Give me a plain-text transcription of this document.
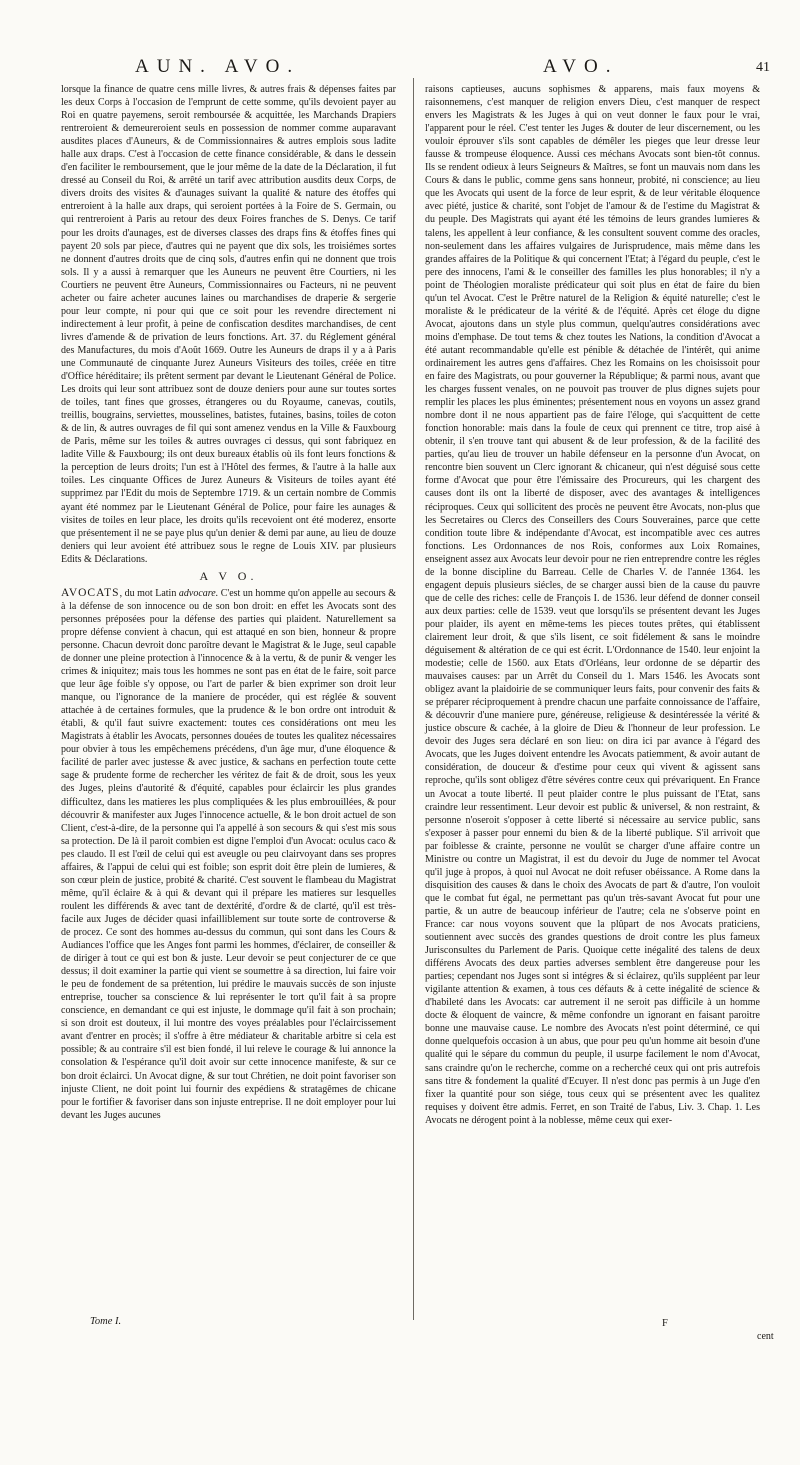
AUN. AVO.	AVO.	41

lorsque la finance de quatre cens mille livres, & autres frais & dépenses faites par les deux Corps à l'occasion de l'emprunt de cette somme, qu'ils devoient payer au Roi en quatre payemens, seroit remboursée & acquittée, les Marchands Drapiers rentreroient & demeureroient seuls en possession de nommer comme auparavant ausdites places d'Auneurs, & de Commissionnaires & autres emplois sous ladite halle aux draps. C'est à l'occasion de cette finance considérable, & dans le dessein d'en faciliter le remboursement, que le jour même de la date de la Déclaration, il fut dressé au Conseil du Roi, & arrêté un tarif avec attribution ausdits deux Corps, de divers droits des visites & d'aunages suivant la qualité & nature des étoffes qui entreroient à la halle aux draps, qui seroient portées à la Foire de S. Germain, ou qui rentreroient à Paris au retour des deux Foires franches de S. Denys. Ce tarif pour les droits d'aunages, est de diverses classes des draps fins & étoffes fines qui payent 20 sols par piece, d'autres qui ne payent que dix sols, les troisiémes sortes ne donnent d'autres droits que de cinq sols, d'autres enfin qui ne donnent que trois sols. Il y a aussi à remarquer que les Auneurs ne peuvent être Courtiers, ni les Courtiers ne peuvent être Auneurs, Commissionnaires ou Facteurs, ni ne peuvent acheter ou faire acheter aucunes laines ou marchandises de draperie & sergerie pour leur compte, ni pour qui que ce soit pour les revendre directement ni indirectement à leur profit, à peine de confiscation desdites marchandises, de cent livres d'amende & de privation de leurs fonctions. Art. 37. du Réglement général des Manufactures, du mois d'Août 1669. Outre les Auneurs de draps il y a à Paris une Communauté de cinquante Jurez Auneurs Visiteurs des toiles, créée en titre d'Office héréditaire; ils prêtent serment par devant le Lieutenant Général de Police. Les droits qui leur sont attribuez sont de douze deniers pour aune sur toutes sortes de toiles, tant fines que grosses, étrangeres ou du Royaume, canevas, coutils, treillis, bougrains, serviettes, mousselines, batistes, futaines, basins, toiles de coton & de lin, & autres ouvrages de fil qui sont amenez vendus en la Ville & Fauxbourg de Paris, même sur les toiles & autres ouvrages ci dessus, qui sont fabriquez en ladite Ville & Fauxbourg; ils ont deux bureaux établis où ils font leurs fonctions & la perception de leurs droits; l'un est à l'Hôtel des fermes, & l'autre à la halle aux toiles. Les cinquante Offices de Jurez Auneurs & Visiteurs de toiles ayant été supprimez par l'Edit du mois de Septembre 1719. & un certain nombre de Commis ayant été nommez par le Lieutenant Général de Police, pour faire les aunages & visites de toiles en leur place, les droits qu'ils recevoient ont été moderez, ensorte que présentement il ne se paye plus qu'un denier & demi par aune, au lieu de douze deniers qui leur avoient été attribuez sous le regne de Louis XIV. par plusieurs Edits & Déclarations.

A V O.

AVOCATS, du mot Latin advocare. C'est un homme qu'on appelle au secours & à la défense de son innocence ou de son bon droit: en effet les Avocats sont des personnes préposées pour la défense des parties qui plaident. Naturellement sa propre défense convient à chacun, qui est attaqué en son bien, honneur & propre personne. Chacun devroit donc paroître devant le Magistrat & le Juge, seul capable de donner une pleine protection à l'innocence & à la vertu, & de punir & venger les crimes & iniquitez; mais tous les hommes ne sont pas en état de le faire, soit parce que leur âge foible s'y oppose, ou l'art de parler & bien exprimer son droit leur manque, ou l'ignorance de la maniere de procéder, qui est réglée & souvent attachée à de certaines formules, que la prudence & le bon ordre ont introduit & établi, & qu'il faut suivre exactement: toutes ces considérations ont meu les Magistrats à établir les Avocats, personnes douées de toutes les qualitez nécessaires pour obvier à tous les empêchemens précédens, d'un âge mur, d'une éloquence & facilité de parler avec justesse & avec justice, & sachans en perfection toute cette sage & prudente forme de rechercher les véritez de fait & de droit, sous les yeux des Juges, pleins d'autorité & d'équité, capables pour éclaircir les plus grandes difficultez, dans les matieres les plus compliquées & les plus embrouillées, & pour découvrir & manifester aux Juges l'innocence actuelle, & le bon droit actuel de son Client, c'est-à-dire, de la personne qui l'a appellé à son secours & qui s'est mis sous sa protection. De là il paroit combien est digne l'emploi d'un Avocat: oculus caco & pes claudo. Il est l'œil de celui qui est aveugle ou peu clairvoyant dans ses propres affaires, & l'appui de celui qui est foible; son esprit doit être plein de lumieres, & son cœur plein de justice, probité & charité. C'est souvent le flambeau du Magistrat même, qu'il éclaire & à qui & devant qui il prépare les matieres sur lesquelles roulent les différends & avec tant de dextérité, d'ordre & de clarté, qu'il est très-facile aux Juges de décider quasi infailliblement sur toute sorte de controverse & de procez. Ce sont des hommes au-dessus du commun, qui sont dans les Cours & Audiances l'office que les Anges font parmi les hommes, d'éclairer, de conseiller & de diriger à tout ce qui est bon & juste. Leur devoir se peut conjecturer de ce que dessus; il doit examiner la partie qui vient se soumettre à sa direction, lui faire voir le peu de fondement de sa prétention, lui prédire le mauvais succès de son injuste entreprise, toucher sa conscience & lui représenter le tort qu'il fait à sa propre conscience, en demandant ce qui est injuste, le dommage qu'il fait à son prochain; si son droit est douteux, il lui montre des voyes préalables pour l'éclaircissement avant d'entrer en procès; il s'offre à être médiateur & charitable arbitre si cela est possible; & au contraire s'il est bien fondé, il lui releve le courage & lui annonce la consolation & l'espérance qu'il doit avoir sur cette innocence manifeste, & sur ce bon droit éclairci. Un Avocat digne, & sur tout Chrétien, ne doit point favoriser son injuste Client, ne doit point lui fournir des expédiens & stratagêmes de chicane pour le fortifier & favoriser dans son injuste entreprise. Il ne doit employer pour lui devant les Juges aucunes

raisons captieuses, aucuns sophismes & apparens, mais faux moyens & raisonnemens, c'est manquer de religion envers Dieu, c'est manquer de respect envers les Magistrats & les Juges à qui on veut donner le faux pour le vrai, l'apparent pour le réel. C'est tenter les Juges & douter de leur discernement, ou les vouloir éprouver s'ils sont capables de démêler les pieges que leur dresse leur fausse & trompeuse éloquence. Aussi ces méchans Avocats sont bien-tôt connus. Ils se rendent odieux à leurs Seigneurs & Maîtres, se font un mauvais nom dans les Cours & dans le public, comme gens sans honneur, probité, ni conscience; au lieu que les Avocats qui usent de la force de leur esprit, & de leur véritable éloquence avec piété, justice & charité, sont l'objet de l'amour & de l'estime du Magistrat & du peuple. Des Magistrats qui ayant été les témoins de leurs grandes lumieres & talens, les appellent à leur confiance, & les consultent souvent comme des oracles, non-seulement dans les affaires vulgaires de Jurisprudence, mais même dans les grandes affaires de la Politique & qui concernent l'Etat; à l'égard du peuple, c'est le pere des innocens, l'ami & le conseiller des familles les plus honorables; il n'y a point de Théologien moraliste prédicateur qui soit plus en état de faire du bien qu'un tel Avocat. C'est le Prêtre naturel de la Religion & équité naturelle; c'est le moraliste & le prédicateur de la vérité & de l'équité. Après cet éloge du digne Avocat, ajoutons dans un style plus commun, quelqu'autres considérations avec moins d'emphase. De tout tems & chez toutes les Nations, la condition d'Avocat a été autant recommandable qu'elle est pénible & détachée de l'intérêt, qui anime ordinairement les autres gens d'affaires. Chez les Romains on les choisissoit pour en faire des Magistrats, ou pour gouverner la République; & parmi nous, avant que les charges fussent venales, on ne pouvoit pas trouver de plus dignes sujets pour remplir les places les plus éminentes; présentement nous en voyons un assez grand nombre dont il ne nous appartient pas de faire l'éloge, qui s'acquittent de cette fonction honorable: mais dans la foule de ceux qui prennent ce titre, trop aisé à obtenir, il s'en trouve tant qui abusent & de leur profession, & de la facilité des parties, qu'au lieu de trouver un habile défenseur en la personne d'un Avocat, on rencontre bien souvent un Clerc ignorant & chicaneur, qui n'est déguisé sous cette forme d'Avocat que pour être l'émissaire des Procureurs, qui les chargent des causes dont ils ont la liberté de disposer, avec des avantages & intelligences réciproques. Ceux qui sollicitent des procès ne peuvent être Avocats, non-plus que les Secretaires ou Clercs des Conseillers des Cours Souveraines, parce que cette condition toute libre & indépendante d'Avocat, est incompatible avec ces autres fonctions. Les Ordonnances de nos Rois, conformes aux Loix Romaines, enseignent assez aux Avocats leur devoir pour ne rien entreprendre contre les régles de la bonne discipline du Barreau. Celle de Charles V. de l'année 1364. les engagent depuis plusieurs siécles, de se charger aussi bien de la cause du pauvre que de celle des riches: celle de François I. de 1536. leur défend de donner conseil aux deux parties: celle de 1539. veut que lorsqu'ils se présentent devant les Juges pour plaider, ils ayent en même-tems les pieces toutes prêtes, qui établissent clairement leur droit, & que s'ils lisent, ce soit fidélement & sans le moindre déguisement & altération de ce qui est écrit. L'Ordonnance de 1540. leur enjoint la modestie; celle de 1560. aux Etats d'Orléans, leur ordonne de se départir des mauvaises causes: par un Arrêt du Conseil du 1. Mars 1546. les Avocats sont obligez avant la plaidoirie de se communiquer leurs faits, pour convenir des faits & se préparer réciproquement à prendre chacun une parfaite connoissance de l'affaire, & découvrir d'une maniere pure, généreuse, religieuse & desintéressée la vérité & justice obscure & cachée, à la gloire de Dieu & l'honneur de leur profession. Le devoir des Juges sera déclaré en son lieu: on dira ici par avance à l'égard des Avocats, que les Juges doivent entendre les Avocats patiemment, & avoir autant de considération, de douceur & d'estime pour ceux qui vivent & agissent sans reproche, qu'ils sont obligez d'être sévéres contre ceux qui prévariquent. En France un Avocat a toute liberté. Il peut plaider contre le plus puissant de l'Etat, sans craindre leur ressentiment. Leur devoir est public & universel, & non restraint, & personne n'oseroit s'opposer à cette liberté si nécessaire au service public, sans s'exposer à passer pour ennemi du bien & de la liberté publique. S'il arrivoit que par foiblesse & crainte, personne ne voulût se charger d'une affaire contre un Ministre ou contre un Magistrat, il est du devoir du Juge de nommer tel Avocat qu'il juge à propos, à quoi nul Avocat ne doit refuser obéissance. A Rome dans la disquisition des causes & dans le choix des Avocats de part & d'autre, l'on vouloit que le combat fut égal, ne permettant pas qu'un très-savant Avocat fut pour une partie, & un autre de beaucoup inférieur de l'autre; cela ne s'observe point en France: car nous voyons souvent que la plûpart de nos Avocats praticiens, soutiennent avec succès des grandes questions de droit contre les plus fameux Jurisconsultes du Parlement de Paris. Quoique cette inégalité des talens de deux différens Avocats des deux parties adverses semblent être dangereuse pour les parties; cependant nos Juges sont si intégres & si éclairez, qu'ils suppléent par leur vigilante attention & examen, à tous ces défauts & à cette inégalité de science & d'habileté dans les Avocats: car autrement il ne seroit pas difficile à un homme docte & éloquent de vaincre, & même confondre un ignorant en faisant paroitre bonne une mauvaise cause. Le nombre des Avocats n'est point déterminé, ce qui donne quelquefois occasion à un abus, que pour peu qu'un homme ait besoin d'une qualité qui le sépare du commun du peuple, il usurpe facilement le nom d'Avocat, sans craindre qu'on le recherche, comme on a recherché ceux qui ont pris autrefois sans titre & fondement la qualité d'Ecuyer. Il n'est donc pas permis à un Juge d'en fixer la quantité pour son siége, tous ceux qui se présentent avec les qualitez requises y doivent être admis. Ferret, en son Traité de l'abus, Liv. 3. Chap. 1. Les Avocats ne dérogent point à la noblesse, même ceux qui exer-

Tome I.	F
cent
